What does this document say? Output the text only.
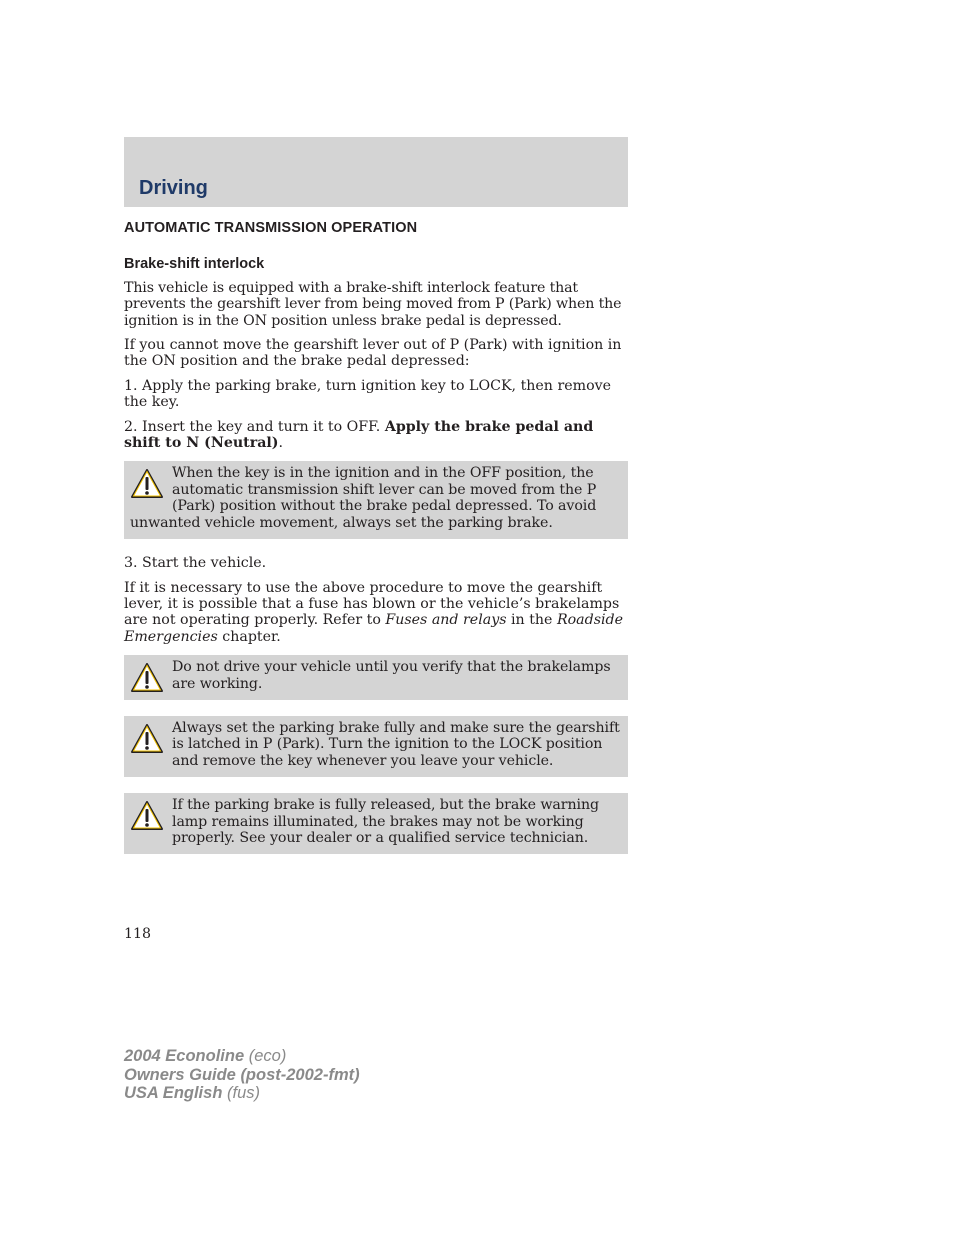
Driving
AUTOMATIC TRANSMISSION OPERATION
Brake-shift interlock

This vehicle is equipped with a brake-shift interlock feature that prevents the gearshift lever from being moved from P (Park) when the ignition is in the ON position unless brake pedal is depressed.

If you cannot move the gearshift lever out of P (Park) with ignition in the ON position and the brake pedal depressed:

1. Apply the parking brake, turn ignition key to LOCK, then remove the key.

2. Insert the key and turn it to OFF. Apply the brake pedal and shift to N (Neutral).

When the key is in the ignition and in the OFF position, the automatic transmission shift lever can be moved from the P (Park) position without the brake pedal depressed. To avoid unwanted vehicle movement, always set the parking brake.

3. Start the vehicle.

If it is necessary to use the above procedure to move the gearshift lever, it is possible that a fuse has blown or the vehicle’s brakelamps are not operating properly. Refer to Fuses and relays in the Roadside Emergencies chapter.

Do not drive your vehicle until you verify that the brakelamps are working.
Always set the parking brake fully and make sure the gearshift is latched in P (Park). Turn the ignition to the LOCK position and remove the key whenever you leave your vehicle.
If the parking brake is fully released, but the brake warning lamp remains illuminated, the brakes may not be working properly. See your dealer or a qualified service technician.
118
2004 Econoline (eco)
Owners Guide (post-2002-fmt)
USA English (fus)
